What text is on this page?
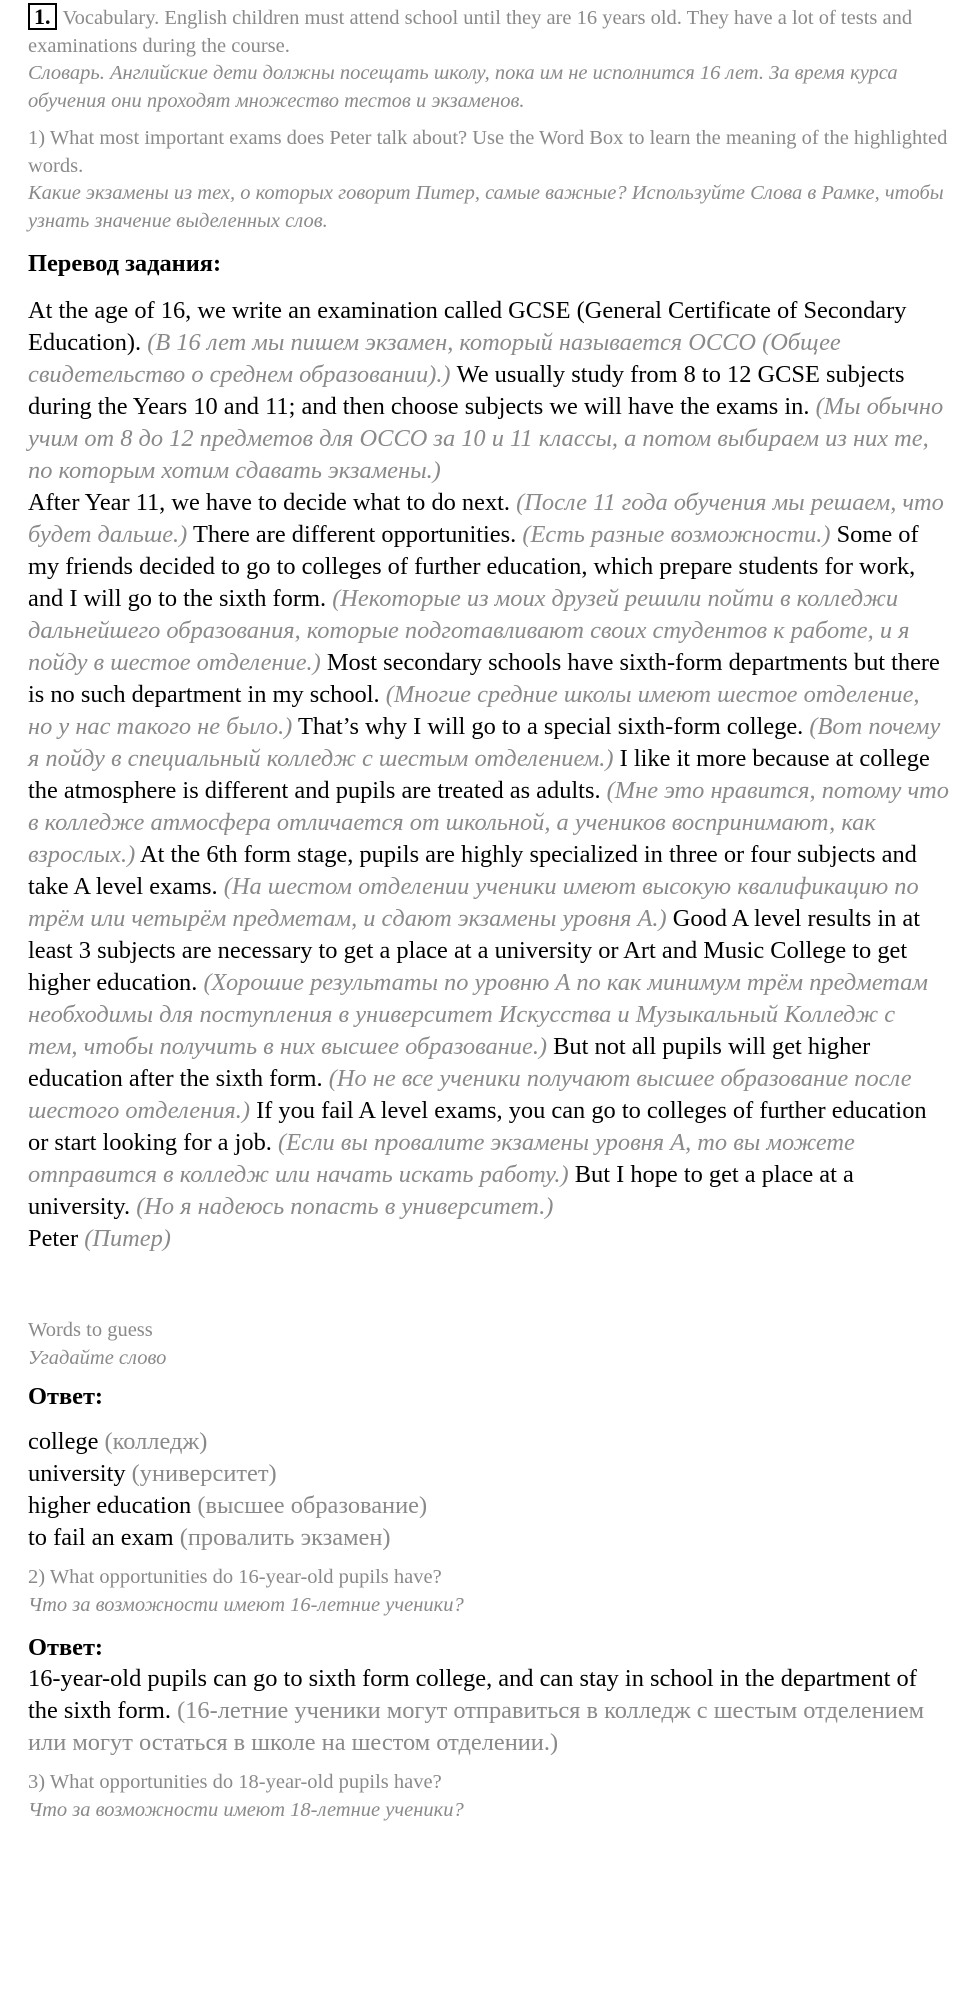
1. Vocabulary. English children must attend school until they are 16 years old. They have a lot of tests and examinations during the course.

Словарь. Английские дети должны посещать школу, пока им не исполнится 16 лет. За время курса обучения они проходят множество тестов и экзаменов.

1) What most important exams does Peter talk about? Use the Word Box to learn the meaning of the highlighted words.

Какие экзамены из тех, о которых говорит Питер, самые важные? Используйте Слова в Рамке, чтобы узнать значение выделенных слов.

Перевод задания:

At the age of 16, we write an examination called GCSE (General Certificate of Secondary Education). (В 16 лет мы пишем экзамен, который называется ОССО (Общее свидетельство о среднем образовании).) We usually study from 8 to 12 GCSE subjects during the Years 10 and 11; and then choose subjects we will have the exams in. (Мы обычно учим от 8 до 12 предметов для ОССО за 10 и 11 классы, а потом выбираем из них те, по которым хотим сдавать экзамены.)
After Year 11, we have to decide what to do next. (После 11 года обучения мы решаем, что будет дальше.) There are different opportunities. (Есть разные возможности.) Some of my friends decided to go to colleges of further education, which prepare students for work, and I will go to the sixth form. (Некоторые из моих друзей решили пойти в колледжи дальнейшего образования, которые подготавливают своих студентов к работе, и я пойду в шестое отделение.) Most secondary schools have sixth-form departments but there is no such department in my school. (Многие средние школы имеют шестое отделение, но у нас такого не было.) That’s why I will go to a special sixth-form college. (Вот почему я пойду в специальный колледж с шестым отделением.) I like it more because at college the atmosphere is different and pupils are treated as adults. (Мне это нравится, потому что в колледже атмосфера отличается от школьной, а учеников воспринимают, как взрослых.) At the 6th form stage, pupils are highly specialized in three or four subjects and take A level exams. (На шестом отделении ученики имеют высокую квалификацию по трём или четырём предметам, и сдают экзамены уровня А.) Good A level results in at least 3 subjects are necessary to get a place at a university or Art and Music College to get higher education. (Хорошие результаты по уровню А по как минимум трём предметам необходимы для поступления в университет Искусства и Музыкальный Колледж с тем, чтобы получить в них высшее образование.) But not all pupils will get higher education after the sixth form. (Но не все ученики получают высшее образование после шестого отделения.) If you fail A level exams, you can go to colleges of further education or start looking for a job. (Если вы провалите экзамены уровня А, то вы можете отправится в колледж или начать искать работу.) But I hope to get a place at a university. (Но я надеюсь попасть в университет.)
Peter (Питер)

Words to guess

Угадайте слово

Ответ:

college (колледж)
university (университет)
higher education (высшее образование)
to fail an exam (провалить экзамен)

2) What opportunities do 16-year-old pupils have?

Что за возможности имеют 16-летние ученики?

Ответ:

16-year-old pupils can go to sixth form college, and can stay in school in the department of the sixth form. (16-летние ученики могут отправиться в колледж с шестым отделением или могут остаться в школе на шестом отделении.)

3) What opportunities do 18-year-old pupils have?

Что за возможности имеют 18-летние ученики?
